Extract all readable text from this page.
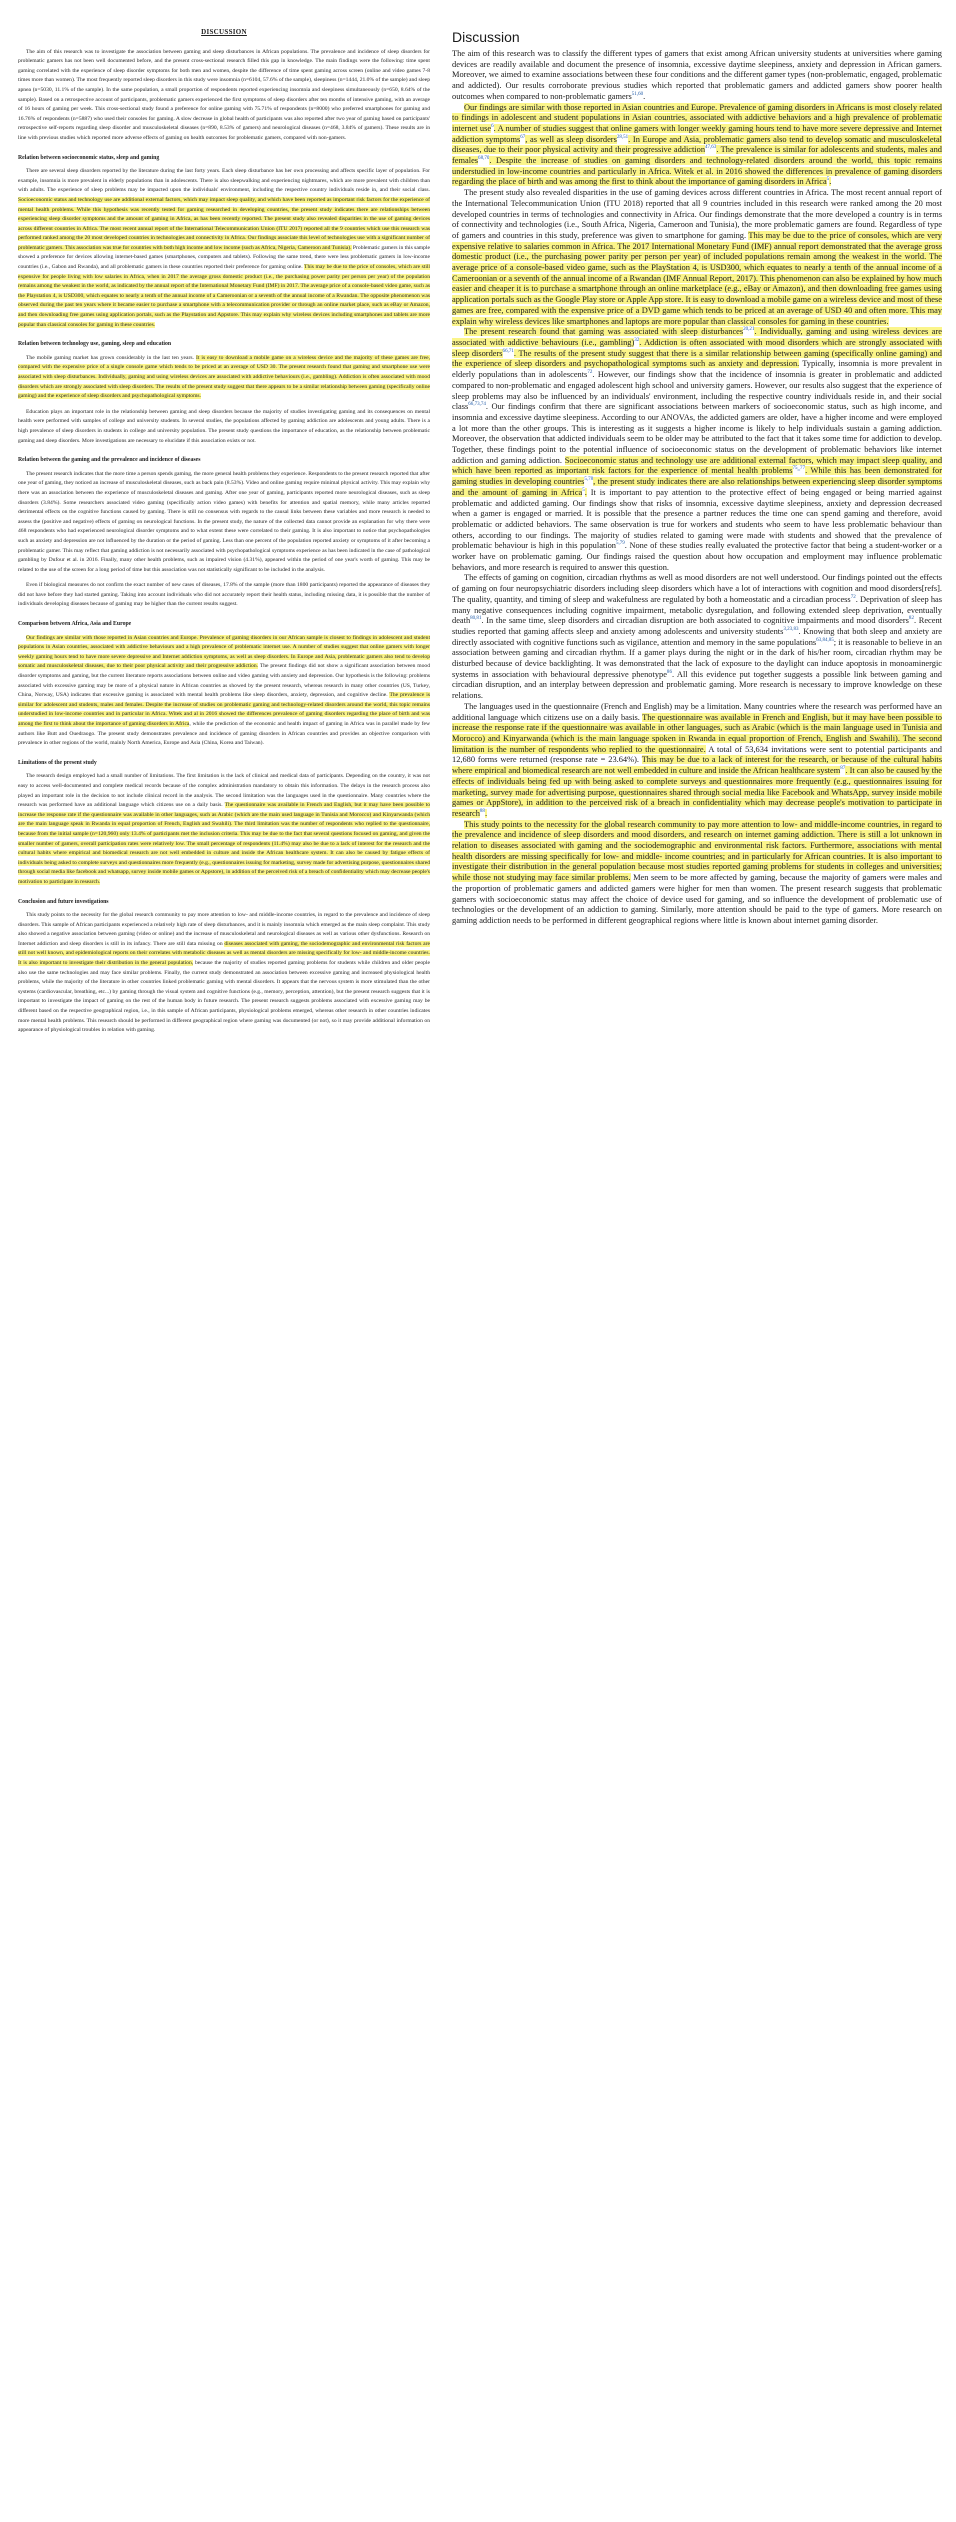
DISCUSSION

The aim of this research was to investigate the association between gaming and sleep disturbances in African populations. The prevalence and incidence of sleep disorders for problematic gamers has not been well documented before, and the present cross-sectional research filled this gap in knowledge. The main findings were the following: time spent gaming correlated with the experience of sleep disorder symptoms for both men and women, despite the difference of time spent gaming across screen (online and video games 7-8 times more than women). The most frequently reported sleep disorders in this study were insomnia (n=6104, 57.6% of the sample), sleepiness (n=1444, 21.0% of the sample) and sleep apnea (n=5030, 11.1% of the sample). In the same population, a small proportion of respondents reported experiencing insomnia and sleepiness simultaneously (n=650, 8.64% of the sample). Based on a retrospective account of participants, problematic gamers experienced the first symptoms of sleep disorders after ten months of intensive gaming, with an average of 16 hours of gaming per week. This cross-sectional study found a preference for online gaming with 75.71% of respondents (n=8000) who preferred smartphones for gaming and 16.76% of respondents (n=5887) who used their consoles for gaming. A slow decrease in global health of participants was also reported after two year of gaming based on participants' retrospective self-reports regarding sleep disorder and musculoskeletal diseases (n=890, 8.53% of gamers) and neurological diseases (n=468, 3.84% of gamers). These results are in line with previous studies which reported more adverse effects of gaming on health outcomes for problematic gamers, compared with non-gamers.

Relation between socioeconomic status, sleep and gaming

There are several sleep disorders reported by the literature during the last forty years. Each sleep disturbance has her own processing and affects specific layer of population. For example, insomnia is more prevalent in elderly populations than in adolescents. There is also sleepwalking and experiencing nightmares, which are more prevalent with children than with adults. The experience of sleep problems may be impacted upon the individuals' environment, including the respective country individuals reside in, and their social class. Socioeconomic status and technology use are additional external factors, which may impact sleep quality, and which have been reported as important risk factors for the experience of mental health problems. While this hypothesis was recently tested for gaming researched in developing countries, the present study indicates there are relationships between experiencing sleep disorder symptoms and the amount of gaming in Africa, as has been recently reported. The present study also revealed disparities in the use of gaming devices across different countries in Africa. The most recent annual report of the International Telecommunication Union (ITU 2017) reported all the 9 countries which use this research was performed ranked among the 20 most developed countries in technologies and connectivity in Africa. Our findings associate this level of technologies use with a significant number of problematic gamers. This association was true for countries with both high income and low income (such as Africa, Nigeria, Cameroon and Tunisia). Problematic gamers in this sample showed a preference for devices allowing internet-based games (smartphones, computers and tablets). Following the same trend, there were less problematic gamers in low-income countries (i.e., Gabon and Rwanda), and all problematic gamers in these countries reported their preference for gaming online. This may be due to the price of consoles, which are still expensive for people living with low salaries in Africa, when in 2017 the average gross domestic product (i.e., the purchasing power parity per person per year) of the population remains among the weakest in the world, as indicated by the annual report of the International Monetary Fund (IMF) in 2017. The average price of a console-based video game, such as the Playstation 4, is USD300, which equates to nearly a tenth of the annual income of a Cameroonian or a seventh of the annual income of a Rwandan. The opposite phenomenon was observed during the past ten years where it became easier to purchase a smartphone with a telecommunication provider or through an online market place, such as eBay or Amazon, and then downloading free games using application portals, such as the Playstation and Appstore. This may explain why wireless devices including smartphones and tablets are more popular than classical consoles for gaming in these countries.

Relation between technology use, gaming, sleep and education

The mobile gaming market has grown considerably in the last ten years. It is easy to download a mobile game on a wireless device and the majority of these games are free, compared with the expensive price of a single console game which tends to be priced at an average of USD 30. The present research found that gaming and smartphone use were associated with sleep disturbances. Individually, gaming and using wireless devices are associated with addictive behaviours (i.e., gambling). Addiction is often associated with mood disorders which are strongly associated with sleep disorders. The results of the present study suggest that there appears to be a similar relationship between gaming (specifically online gaming) and the experience of sleep disorders and psychopathological symptoms.

Education plays an important role in the relationship between gaming and sleep disorders because the majority of studies investigating gaming and its consequences on mental health were performed with samples of college and university students. In several studies, the populations affected by gaming addiction are adolescents and young adults. There is a high prevalence of sleep disorders in students in college and university population. The present study questions the importance of education, as the relationship between problematic gaming and sleep disorders. More investigations are necessary to elucidate if this association exists or not.

Relation between the gaming and the prevalence and incidence of diseases

The present research indicates that the more time a person spends gaming, the more general health problems they experience. Respondents to the present research reported that after one year of gaming, they noticed an increase of musculoskeletal diseases, such as back pain (8.53%). Video and online gaming require minimal physical activity. This may explain why there was an association between the experience of musculoskeletal diseases and gaming. After one year of gaming, participants reported more neurological diseases, such as sleep disorders (3.84%). Some researchers associated video gaming (specifically action video games) with benefits for attention and spatial memory, while many articles reported detrimental effects on the cognitive functions caused by gaming. There is still no consensus with regards to the causal links between these variables and more research is needed to assess the (positive and negative) effects of gaming on neurological functions. In the present study, the nature of the collected data cannot provide an explanation for why there were 468 respondents who had experienced neurological disorder symptoms and to what extent these were correlated to their gaming. It is also important to notice that psychopathologies such as anxiety and depression are not influenced by the duration or the period of gaming. Less than one percent of the population reported anxiety or symptoms of it after becoming a problematic gamer. This may reflect that gaming addiction is not necessarily associated with psychopathological symptoms experience as has been indicated in the case of pathological gambling by Dufour et al. in 2016. Finally, many other health problems, such as impaired vision (4.31%), appeared within the period of one year's worth of gaming. This may be related to the use of the screen for a long period of time but this association was not statistically significant to be included in the analysis.

Even if biological measures do not confirm the exact number of new cases of diseases, 17.8% of the sample (more than 1800 participants) reported the appearance of diseases they did not have before they had started gaming. Taking into account individuals who did not accurately report their health status, including missing data, it is possible that the number of individuals developing diseases because of gaming may be higher than the current results suggest.

Comparison between Africa, Asia and Europe

Our findings are similar with those reported in Asian countries and Europe. Prevalence of gaming disorders in our African sample is closest to findings in adolescent and student populations in Asian countries, associated with addictive behaviours and a high prevalence of problematic internet use. A number of studies suggest that online gamers with longer weekly gaming hours tend to have more severe depressive and Internet addiction symptoms, as well as sleep disorders. In Europe and Asia, problematic gamers also tend to develop somatic and musculoskeletal diseases, due to their poor physical activity and their progressive addiction. The present findings did not show a significant association between mood disorder symptoms and gaming, but the current literature reports associations between online and video gaming with anxiety and depression. Our hypothesis is the following: problems associated with excessive gaming may be more of a physical nature in African countries as showed by the present research, whereas research in many other countries (US, Turkey, China, Norway, USA) indicates that excessive gaming is associated with mental health problems like sleep disorders, anxiety, depression, and cognitive decline. The prevalence is similar for adolescent and students, males and females. Despite the increase of studies on problematic gaming and technology-related disorders around the world, this topic remains understudied in low-income countries and in particular in Africa. Witek and al in 2016 showed the differences prevalence of gaming disorders regarding the place of birth and was among the first to think about the importance of gaming disorders in Africa, while the prediction of the economic and health impact of gaming in Africa was in parallel made by few authors like Butt and Ouedraogo. The present study demonstrates prevalence and incidence of gaming disorders in African countries and provides an objective comparison with prevalence in other regions of the world, mainly North America, Europe and Asia (China, Korea and Taiwan).

Limitations of the present study

The research design employed had a small number of limitations. The first limitation is the lack of clinical and medical data of participants. Depending on the country, it was not easy to access well-documented and complete medical records because of the complex administration mandatory to obtain this information. The delays in the research process also played an important role in the decision to not include clinical record in the analysis. The second limitation was the languages used in the questionnaire. Many countries where the research was performed have an additional language which citizens use on a daily basis. The questionnaire was available in French and English, but it may have been possible to increase the response rate if the questionnaire was available in other languages, such as Arabic (which are the main used language in Tunisia and Morocco) and Kinyarwanda (which are the main language speak in Rwanda in equal proportion of French, English and Swahili). The third limitation was the number of respondents who replied to the questionnaire, because from the initial sample (n=120,960) only 13.4% of participants met the inclusion criteria. This may be due to the fact that several questions focused on gaming, and given the smaller number of gamers, overall participation rates were relatively low. The small percentage of respondents (11.4%) may also be due to a lack of interest for the research and the cultural habits where empirical and biomedical research are not well embedded in culture and inside the African healthcare system. It can also be caused by fatigue effects of individuals being asked to complete surveys and questionnaires more frequently (e.g., questionnaires issuing for marketing, survey made for advertising purpose, questionnaires shared through social media like facebook and whatsapp, survey inside mobile games or Appstore), in addition of the perceived risk of a breach of confidentiality which may decrease people's motivation to participate in research.

Conclusion and future investigations

This study points to the necessity for the global research community to pay more attention to low- and middle-income countries, in regard to the prevalence and incidence of sleep disorders. This sample of African participants experienced a relatively high rate of sleep disturbances, and it is mainly insomnia which emerged as the main sleep complaint. This study also showed a negative association between gaming (video or online) and the increase of musculoskeletal and neurological diseases as well as various other dysfunctions. Research on Internet addiction and sleep disorders is still in its infancy. There are still data missing on diseases associated with gaming, the sociodemographic and environmental risk factors are still not well known, and epidemiological reports on their correlates with metabolic diseases as well as mental disorders are missing specifically for low- and middle-income countries. It is also important to investigate their distribution in the general population, because the majority of studies reported gaming problems for students while children and older people also use the same technologies and may face similar problems. Finally, the current study demonstrated an association between excessive gaming and increased physiological health problems, while the majority of the literature in other countries linked problematic gaming with mental disorders. It appears that the nervous system is more stimulated than the other systems (cardiovascular, breathing, etc...) by gaming through the visual system and cognitive functions (e.g., memory, perception, attention), but the present research suggests that it is important to investigate the impact of gaming on the rest of the human body in future research. The present research suggests problems associated with excessive gaming may be different based on the respective geographical region, i.e., in this sample of African participants, physiological problems emerged, whereas other research in other countries indicates more mental health problems. This research should be performed in different geographical region where gaming was documented (or not), so it may provide additional information on appearance of physiological troubles in relation with gaming.

Discussion

The aim of this research was to classify the different types of gamers that exist among African university students at universities where gaming devices are readily available and document the presence of insomnia, excessive daytime sleepiness, anxiety and depression in African gamers. Moreover, we aimed to examine associations between these four conditions and the different gamer types (non-problematic, engaged, problematic and addicted). Our results corroborate previous studies which reported that problematic gamers and addicted gamers show poorer health outcomes when compared to non-problematic gamers$^{51,60}$.

Our findings are similar with those reported in Asian countries and Europe. Prevalence of gaming disorders in Africans is most closely related to findings in adolescent and student populations in Asian countries, associated with addictive behaviors and a high prevalence of problematic internet use$^6$. A number of studies suggest that online gamers with longer weekly gaming hours tend to have more severe depressive and Internet addiction symptoms$^{67}$, as well as sleep disorders$^{28,51}$. In Europe and Asia, problematic gamers also tend to develop somatic and musculoskeletal diseases, due to their poor physical activity and their progressive addiction$^{47,63}$. The prevalence is similar for adolescents and students, males and females$^{68,70}$. Despite the increase of studies on gaming disorders and technology-related disorders around the world, this topic remains understudied in low-income countries and particularly in Africa. Witek et al. in 2016 showed the differences in prevalence of gaming disorders regarding the place of birth and was among the first to think about the importance of gaming disorders in Africa$^5$.

The present study also revealed disparities in the use of gaming devices across different countries in Africa. The most recent annual report of the International Telecommunication Union (ITU 2018) reported that all 9 countries included in this research were ranked among the 20 most developed countries in terms of technologies and connectivity in Africa. Our findings demonstrate that the more developed a country is in terms of connectivity and technologies (i.e., South Africa, Nigeria, Cameroon and Tunisia), the more problematic gamers are found. Regardless of type of gamers and countries in this study, preference was given to smartphone for gaming. This may be due to the price of consoles, which are very expensive relative to salaries common in Africa. The 2017 International Monetary Fund (IMF) annual report demonstrated that the average gross domestic product (i.e., the purchasing power parity per person per year) of included populations remain among the weakest in the world. The average price of a console-based video game, such as the PlayStation 4, is USD300, which equates to nearly a tenth of the annual income of a Cameroonian or a seventh of the annual income of a Rwandan (IMF Annual Report, 2017). This phenomenon can also be explained by how much easier and cheaper it is to purchase a smartphone through an online marketplace (e.g., eBay or Amazon), and then downloading free games using application portals such as the Google Play store or Apple App store. It is easy to download a mobile game on a wireless device and most of these games are free, compared with the expensive price of a DVD game which tends to be priced at an average of USD 40 and often more. This may explain why wireless devices like smartphones and laptops are more popular than classical consoles for gaming in these countries.

The present research found that gaming was associated with sleep disturbances$^{20,21}$. Individually, gaming and using wireless devices are associated with addictive behaviours (i.e., gambling)$^{32}$. Addiction is often associated with mood disorders which are strongly associated with sleep disorders$^{66,71}$. The results of the present study suggest that there is a similar relationship between gaming (specifically online gaming) and the experience of sleep disorders and psychopathological symptoms such as anxiety and depression. Typically, insomnia is more prevalent in elderly populations than in adolescents$^{72}$. However, our findings show that the incidence of insomnia is greater in problematic and addicted compared to non-problematic and engaged adolescent high school and university gamers. However, our results also suggest that the experience of sleep problems may also be influenced by an individuals' environment, including the respective country individuals reside in, and their social class$^{66,73,74}$. Our findings confirm that there are significant associations between markers of socioeconomic status, such as high income, and insomnia and excessive daytime sleepiness. According to our ANOVAs, the addicted gamers are older, have a higher income and were employed a lot more than the other groups. This is interesting as it suggests a higher income is likely to help individuals sustain a gaming addiction. Moreover, the observation that addicted individuals seem to be older may be attributed to the fact that it takes some time for addiction to develop. Together, these findings point to the potential influence of socioeconomic status on the development of problematic behaviors like internet addiction and gaming addiction. Socioeconomic status and technology use are additional external factors, which may impact sleep quality, and which have been reported as important risk factors for the experience of mental health problems$^{75‗77}$. While this has been demonstrated for gaming studies in developing countries$^{5,78}$, the present study indicates there are also relationships between experiencing sleep disorder symptoms and the amount of gaming in Africa$^5$. It is important to pay attention to the protective effect of being engaged or being married against problematic and addicted gaming. Our findings show that risks of insomnia, excessive daytime sleepiness, anxiety and depression decreased when a gamer is engaged or married. It is possible that the presence a partner reduces the time one can spend gaming and therefore, avoid problematic or addicted behaviors. The same observation is true for workers and students who seem to have less problematic behaviour than others, according to our findings. The majority of studies related to gaming were made with students and showed that the prevalence of problematic behaviour is high in this population$^{5,79}$. None of these studies really evaluated the protective factor that being a student-worker or a worker have on problematic gaming. Our findings raised the question about how occupation and employment may influence problematic behaviors, and more research is required to answer this question.

The effects of gaming on cognition, circadian rhythms as well as mood disorders are not well understood. Our findings pointed out the effects of gaming on four neuropsychiatric disorders including sleep disorders which have a lot of interactions with cognition and mood disorders[refs]. The quality, quantity, and timing of sleep and wakefulness are regulated by both a homeostatic and a circadian process$^{72}$. Deprivation of sleep has many negative consequences including cognitive impairment, metabolic dysregulation, and following extended sleep deprivation, eventually death$^{80,81}$. In the same time, sleep disorders and circadian disruption are both associated to cognitive impairments and mood disorders$^{82}$. Recent studies reported that gaming affects sleep and anxiety among adolescents and university students$^{3,23,83}$. Knowing that both sleep and anxiety are directly associated with cognitive functions such as vigilance, attention and memory in the same populations$^{63,84,85}$; it is reasonable to believe in an association between gaming and circadian rhythm. If a gamer plays during the night or in the dark of his/her room, circadian rhythm may be disturbed because of device backlighting. It was demonstrated that the lack of exposure to the daylight can induce apoptosis in monoaminergic systems in association with behavioural depressive phenotype$^{86}$. All this evidence put together suggests a possible link between gaming and circadian disruption, and an interplay between depression and problematic gaming. More research is necessary to improve knowledge on these relations.

The languages used in the questionnaire (French and English) may be a limitation. Many countries where the research was performed have an additional language which citizens use on a daily basis. The questionnaire was available in French and English, but it may have been possible to increase the response rate if the questionnaire was available in other languages, such as Arabic (which is the main language used in Tunisia and Morocco) and Kinyarwanda (which is the main language spoken in Rwanda in equal proportion of French, English and Swahili). The second limitation is the number of respondents who replied to the questionnaire. A total of 53,634 invitations were sent to potential participants and 12,680 forms were returned (response rate = 23.64%). This may be due to a lack of interest for the research, or because of the cultural habits where empirical and biomedical research are not well embedded in culture and inside the African healthcare system$^{87}$. It can also be caused by the effects of individuals being fed up with being asked to complete surveys and questionnaires more frequently (e.g., questionnaires issuing for marketing, survey made for advertising purpose, questionnaires shared through social media like Facebook and WhatsApp, survey inside mobile games or AppStore), in addition to the perceived risk of a breach in confidentiality which may decrease people's motivation to participate in research$^{88}$.

This study points to the necessity for the global research community to pay more attention to low- and middle-income countries, in regard to the prevalence and incidence of sleep disorders and mood disorders, and research on internet gaming addiction. There is still a lot unknown in relation to diseases associated with gaming and the sociodemographic and environmental risk factors. Furthermore, associations with mental health disorders are missing specifically for low- and middle- income countries; and in particularly for African countries. It is also important to investigate their distribution in the general population because most studies reported gaming problems for students in colleges and universities; while those not studying may face similar problems. Men seem to be more affected by gaming, because the majority of gamers were males and the proportion of problematic gamers and addicted gamers were higher for men than women. The present research suggests that problematic gamers with socioeconomic status may affect the choice of device used for gaming, and so influence the development of problematic use of technologies or the development of an addiction to gaming. Similarly, more attention should be paid to the type of gamers. More research on gaming addiction needs to be performed in different geographical regions where little is known about internet gaming disorder.
